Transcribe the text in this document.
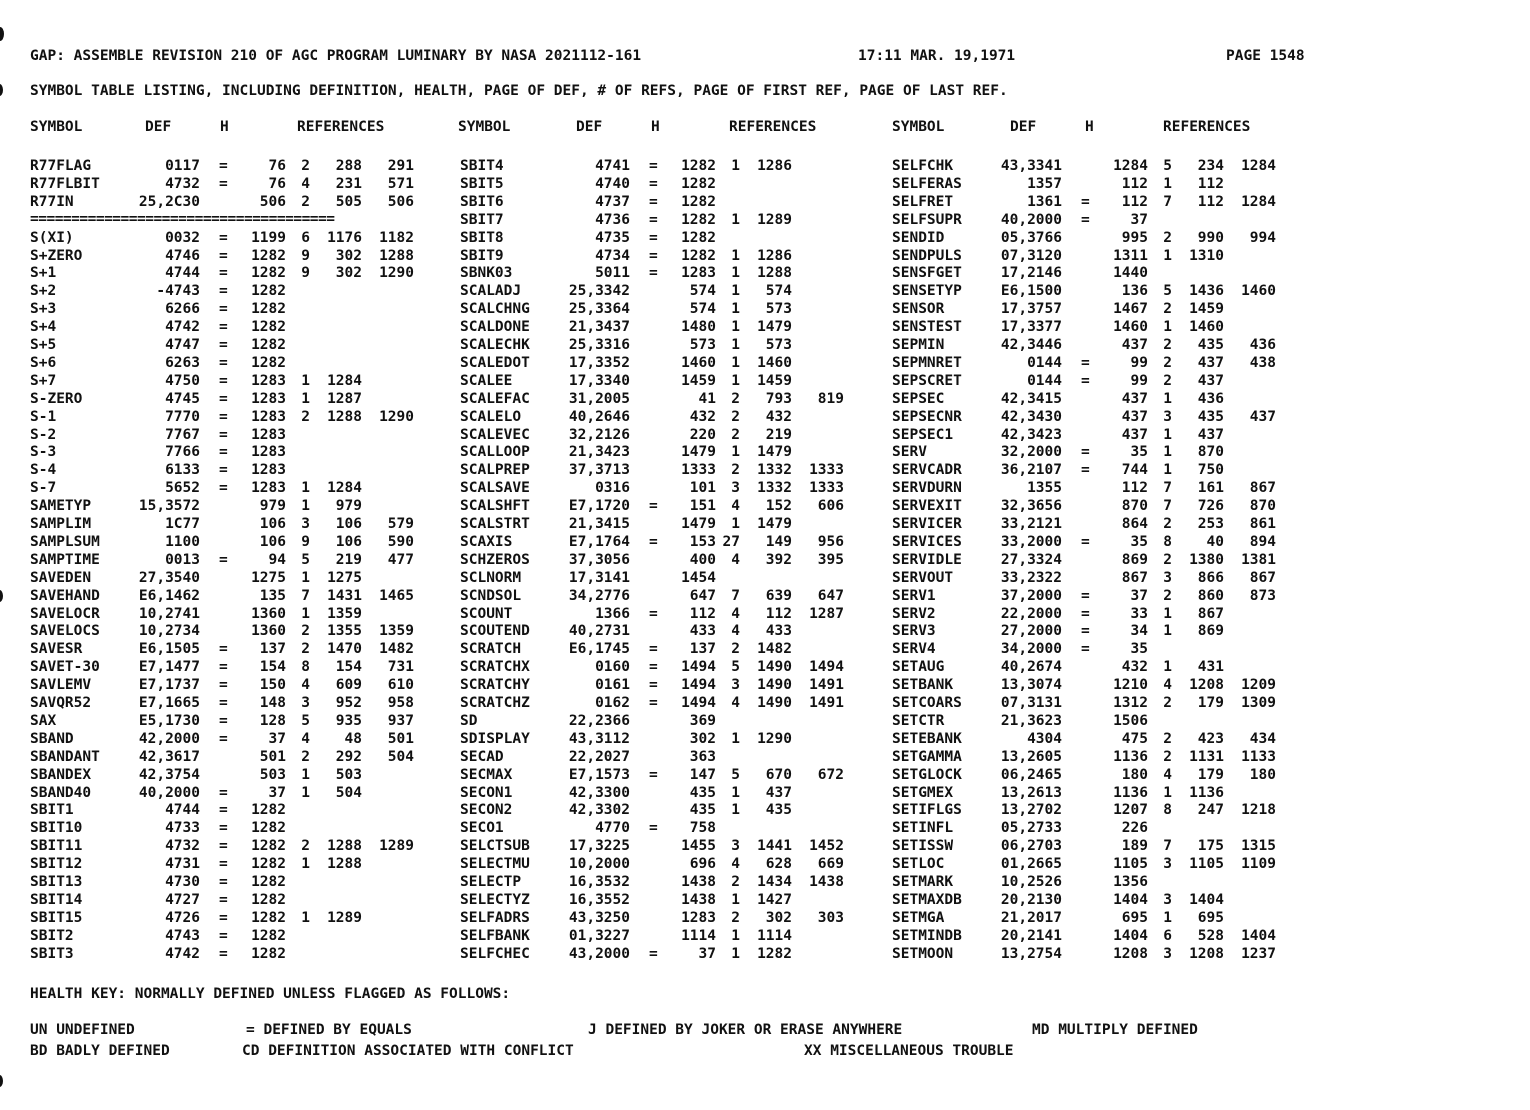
GAP: ASSEMBLE REVISION 210 OF AGC PROGRAM LUMINARY BY NASA 2021112-161	17:11 MAR. 19,1971	PAGE 1548
SYMBOL TABLE LISTING, INCLUDING DEFINITION, HEALTH, PAGE OF DEF, # OF REFS, PAGE OF FIRST REF, PAGE OF LAST REF.
SYMBOL	DEF	H	REFERENCES	SYMBOL	DEF	H	REFERENCES	SYMBOL	DEF	H	REFERENCES
=====================================
R77FLAG	0117 =	76 2 288 291
R77FLBIT	4732 =	76 4 231 571
R77IN	25,2C30	506 2 505 506
S(XI)	0032 = 1199 6 1176 1182
S+ZERO	4746 = 1282 9 302 1288
S+1	4744 = 1282 9 302 1290
S+2	-4743 = 1282
S+3	6266 = 1282
S+4	4742 = 1282
S+5	4747 = 1282
S+6	6263 = 1282
S+7	4750 = 1283 1 1284
S-ZERO	4745 = 1283 1 1287
S-1	7770 = 1283 2 1288 1290
S-2	7767 = 1283
S-3	7766 = 1283
S-4	6133 = 1283
S-7	5652 = 1283 1 1284
SAMETYP	15,3572	979 1 979
SAMPLIM	1C77	106 3 106 579
SAMPLSUM	1100	106 9 106 590
SAMPTIME	0013 =	94 5 219 477
SAVEDEN	27,3540	1275 1 1275
SAVEHAND	E6,1462	135 7 1431 1465
SAVELOCR	10,2741	1360 1 1359
SAVELOCS	10,2734	1360 2 1355 1359
SAVESR	E6,1505 = 137 2 1470 1482
SAVET-30	E7,1477 = 154 8 154 731
SAVLEMV	E7,1737 = 150 4 609 610
SAVQR52	E7,1665 = 148 3 952 958
SAX	E5,1730 = 128 5 935 937
SBAND	42,2000 =	37 4 48 501
SBANDANT	42,3617	501 2 292 504
SBANDEX	42,3754	503 1 503
SBAND40	40,2000 =	37 1 504
SBIT1	4744 = 1282
SBIT10	4733 = 1282
SBIT11	4732 = 1282 2 1288 1289
SBIT12	4731 = 1282 1 1288
SBIT13	4730 = 1282
SBIT14	4727 = 1282
SBIT15	4726 = 1282 1 1289
SBIT2	4743 = 1282
SBIT3	4742 = 1282
SBIT4	4741 = 1282 1 1286
SBIT5	4740 = 1282
SBIT6	4737 = 1282
SBIT7	4736 = 1282 1 1289
SBIT8	4735 = 1282
SBIT9	4734 = 1282 1 1286
SBNK03	5011 = 1283 1 1288
SCALADJ	25,3342	574 1 574
SCALCHNG	25,3364	574 1 573
SCALDONE	21,3437	1480 1 1479
SCALECHK	25,3316	573 1 573
SCALEDOT	17,3352	1460 1 1460
SCALEE	17,3340	1459 1 1459
SCALEFAC	31,2005	41 2 793 819
SCALELO	40,2646	432 2 432
SCALEVEC	32,2126	220 2 219
SCALLOOP	21,3423	1479 1 1479
SCALPREP	37,3713	1333 2 1332 1333
SCALSAVE	0316	101 3 1332 1333
SCALSHFT	E7,1720 = 151 4 152 606
SCALSTRT	21,3415	1479 1 1479
SCAXIS	E7,1764 = 153 27 149 956
SCHZEROS	37,3056	400 4 392 395
SCLNORM	17,3141	1454
SCNDSOL	34,2776	647 7 639 647
SCOUNT	1366 = 112 4 112 1287
SCOUTEND	40,2731	433 4 433
SCRATCH	E6,1745 = 137 2 1482
SCRATCHX	0160 = 1494 5 1490 1494
SCRATCHY	0161 = 1494 3 1490 1491
SCRATCHZ	0162 = 1494 4 1490 1491
SD	22,2366	369
SDISPLAY	43,3112	302 1 1290
SECAD	22,2027	363
SECMAX	E7,1573 = 147 5 670 672
SECON1	42,3300	435 1 437
SECON2	42,3302	435 1 435
SECO1	4770 = 758
SELCTSUB	17,3225	1455 3 1441 1452
SELECTMU	10,2000	696 4 628 669
SELECTP	16,3532	1438 2 1434 1438
SELECTYZ	16,3552	1438 1 1427
SELFADRS	43,3250	1283 2 302 303
SELFBANK	01,3227	1114 1 1114
SELFCHEC	43,2000 =	37 1 1282
SELFCHK	43,3341	1284 5 234 1284
SELFERAS	1357	112 1 112
SELFRET	1361 = 112 7 112 1284
SELFSUPR	40,2000 =	37
SENDID	05,3766	995 2 990 994
SENDPULS	07,3120	1311 1 1310
SENSFGET	17,2146	1440
SENSETYP	E6,1500	136 5 1436 1460
SENSOR	17,3757	1467 2 1459
SENSTEST	17,3377	1460 1 1460
SEPMIN	42,3446	437 2 435 436
SEPMNRET	0144 =	99 2 437 438
SEPSCRET	0144 =	99 2 437
SEPSEC	42,3415	437 1 436
SEPSECNR	42,3430	437 3 435 437
SEPSEC1	42,3423	437 1 437
SERV	32,2000 =	35 1 870
SERVCADR	36,2107 = 744 1 750
SERVDURN	1355	112 7 161 867
SERVEXIT	32,3656	870 7 726 870
SERVICER	33,2121	864 2 253 861
SERVICES	33,2000 =	35 8 40 894
SERVIDLE	27,3324	869 2 1380 1381
SERVOUT	33,2322	867 3 866 867
SERV1	37,2000 =	37 2 860 873
SERV2	22,2000 =	33 1 867
SERV3	27,2000 =	34 1 869
SERV4	34,2000 =	35
SETAUG	40,2674	432 1 431
SETBANK	13,3074	1210 4 1208 1209
SETCOARS	07,3131	1312 2 179 1309
SETCTR	21,3623	1506
SETEBANK	4304	475 2 423 434
SETGAMMA	13,2605	1136 2 1131 1133
SETGLOCK	06,2465	180 4 179 180
SETGMEX	13,2613	1136 1 1136
SETIFLGS	13,2702	1207 8 247 1218
SETINFL	05,2733	226
SETISSW	06,2703	189 7 175 1315
SETLOC	01,2665	1105 3 1105 1109
SETMARK	10,2526	1356
SETMAXDB	20,2130	1404 3 1404
SETMGA	21,2017	695 1 695
SETMINDB	20,2141	1404 6 528 1404
SETMOON	13,2754	1208 3 1208 1237
HEALTH KEY: NORMALLY DEFINED UNLESS FLAGGED AS FOLLOWS:
UN UNDEFINED	= DEFINED BY EQUALS	J DEFINED BY JOKER OR ERASE ANYWHERE	MD MULTIPLY DEFINED
BD BADLY DEFINED	CD DEFINITION ASSOCIATED WITH CONFLICT	XX MISCELLANEOUS TROUBLE
